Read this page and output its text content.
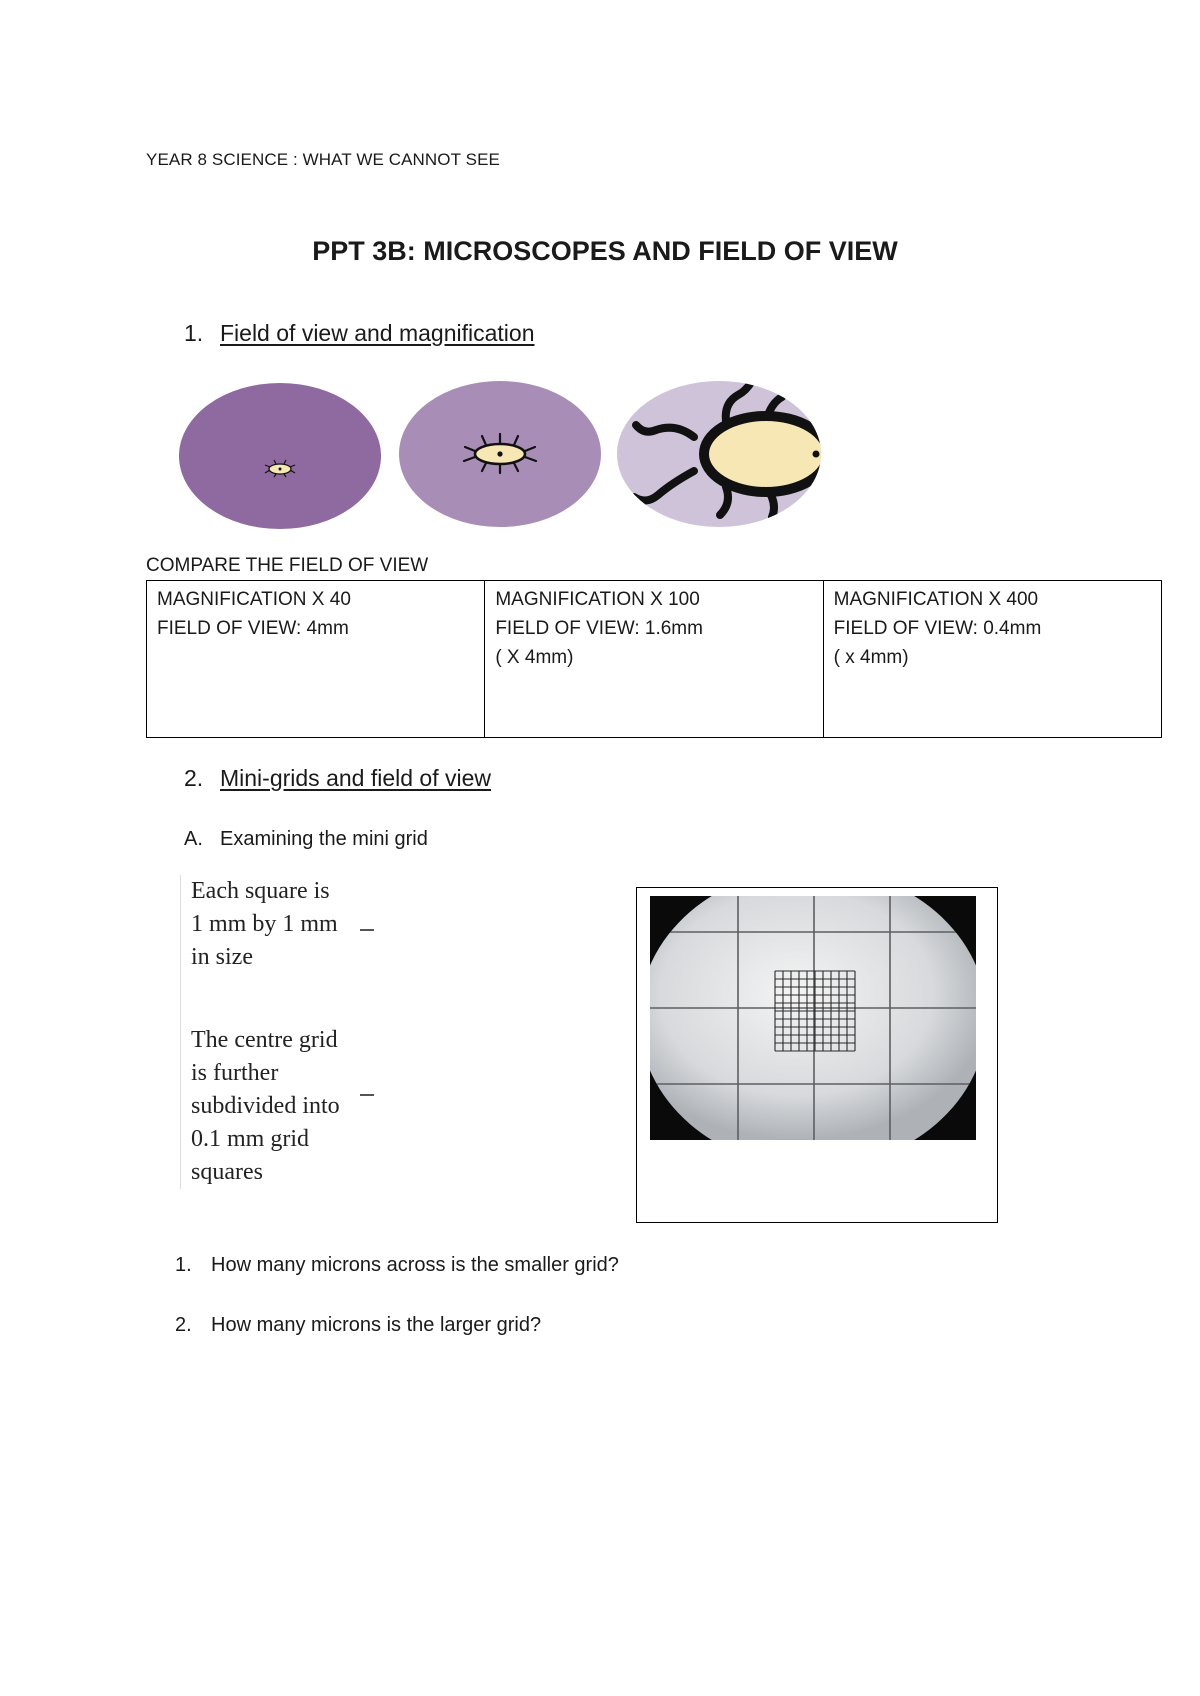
YEAR 8 SCIENCE : WHAT WE CANNOT SEE
PPT 3B: MICROSCOPES AND FIELD OF VIEW
1. Field of view and magnification
COMPARE THE FIELD OF VIEW
MAGNIFICATION X 40
FIELD OF VIEW: 4mm

MAGNIFICATION X 100
FIELD OF VIEW: 1.6mm
( X 4mm)

MAGNIFICATION X 400
FIELD OF VIEW: 0.4mm
( x 4mm)
2. Mini-grids and field of view
A. Examining the mini grid
Each square is
1 mm by 1 mm
in size
The centre grid
is further
subdivided into
0.1 mm grid
squares
1. How many microns across is the smaller grid?
2. How many microns is the larger grid?
